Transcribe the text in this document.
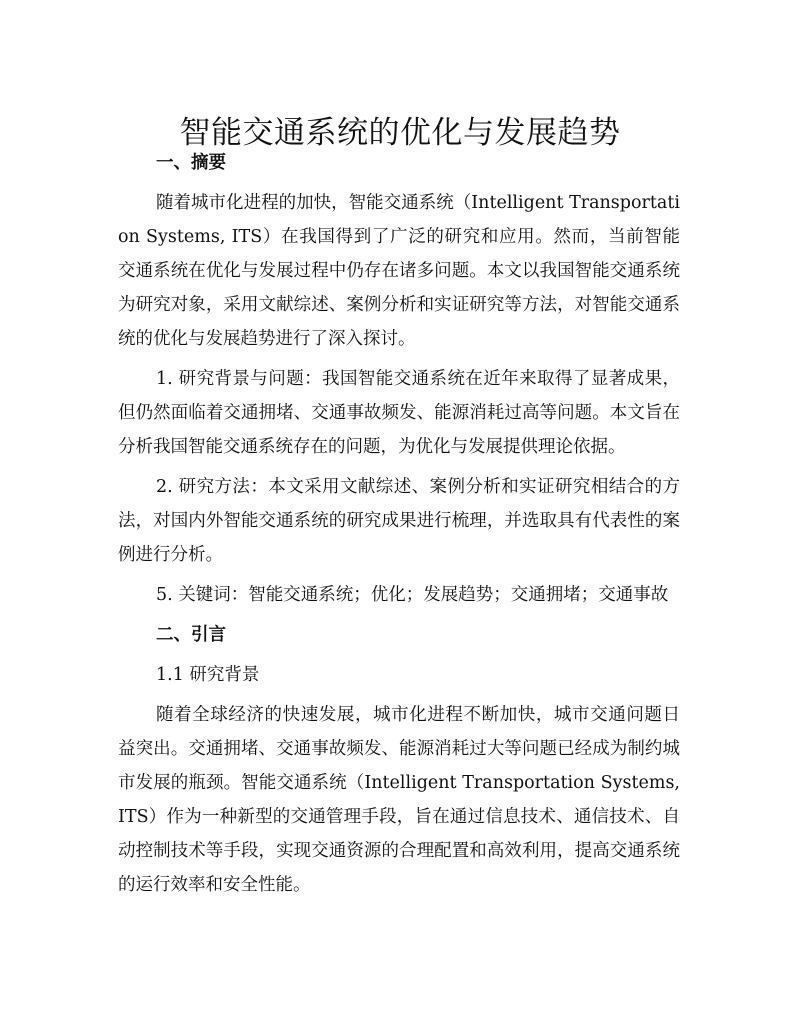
智能交通系统的优化与发展趋势

一、摘要

随着城市化进程的加快，智能交通系统（Intelligent Transportation Systems, ITS）在我国得到了广泛的研究和应用。然而，当前智能交通系统在优化与发展过程中仍存在诸多问题。本文以我国智能交通系统为研究对象，采用文献综述、案例分析和实证研究等方法，对智能交通系统的优化与发展趋势进行了深入探讨。

1. 研究背景与问题：我国智能交通系统在近年来取得了显著成果，但仍然面临着交通拥堵、交通事故频发、能源消耗过高等问题。本文旨在分析我国智能交通系统存在的问题，为优化与发展提供理论依据。

2. 研究方法：本文采用文献综述、案例分析和实证研究相结合的方法，对国内外智能交通系统的研究成果进行梳理，并选取具有代表性的案例进行分析。

5. 关键词：智能交通系统；优化；发展趋势；交通拥堵；交通事故

二、引言

1.1 研究背景

随着全球经济的快速发展，城市化进程不断加快，城市交通问题日益突出。交通拥堵、交通事故频发、能源消耗过大等问题已经成为制约城市发展的瓶颈。智能交通系统（Intelligent Transportation Systems, ITS）作为一种新型的交通管理手段，旨在通过信息技术、通信技术、自动控制技术等手段，实现交通资源的合理配置和高效利用，提高交通系统的运行效率和安全性能。
